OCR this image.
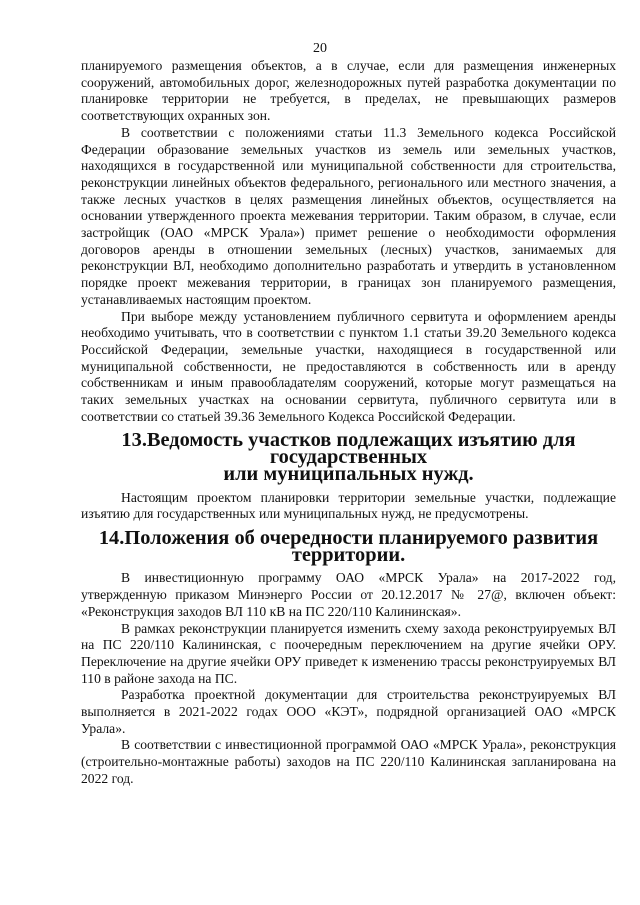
20

планируемого размещения объектов, а в случае, если для размещения инженерных сооружений, автомобильных дорог, железнодорожных путей разработка документации по планировке территории не требуется, в пределах, не превышающих размеров соответствующих охранных зон.

В соответствии с положениями статьи 11.3 Земельного кодекса Российской Федерации образование земельных участков из земель или земельных участков, находящихся в государственной или муниципальной собственности для строительства, реконструкции линейных объектов федерального, регионального или местного значения, а также лесных участков в целях размещения линейных объектов, осуществляется на основании утвержденного проекта межевания территории. Таким образом, в случае, если застройщик (ОАО «МРСК Урала») примет решение о необходимости оформления договоров аренды в отношении земельных (лесных) участков, занимаемых для реконструкции ВЛ, необходимо дополнительно разработать и утвердить в установленном порядке проект межевания территории, в границах зон планируемого размещения, устанавливаемых настоящим проектом.

При выборе между установлением публичного сервитута и оформлением аренды необходимо учитывать, что в соответствии с пунктом 1.1 статьи 39.20 Земельного кодекса Российской Федерации, земельные участки, находящиеся в государственной или муниципальной собственности, не предоставляются в собственность или в аренду собственникам и иным правообладателям сооружений, которые могут размещаться на таких земельных участках на основании сервитута, публичного сервитута или в соответствии со статьей 39.36 Земельного Кодекса Российской Федерации.

13.Ведомость участков подлежащих изъятию для государственных
или муниципальных нужд.

Настоящим проектом планировки территории земельные участки, подлежащие изъятию для государственных или муниципальных нужд, не предусмотрены.

14.Положения об очередности планируемого развития территории.

В инвестиционную программу ОАО «МРСК Урала» на 2017-2022 год, утвержденную приказом Минэнерго России от 20.12.2017 № 27@, включен объект: «Реконструкция заходов ВЛ 110 кВ на ПС 220/110 Калининская».

В рамках реконструкции планируется изменить схему захода реконструируемых ВЛ на ПС 220/110 Калининская, с поочередным переключением на другие ячейки ОРУ. Переключение на другие ячейки ОРУ приведет к изменению трассы реконструируемых ВЛ 110 в районе захода на ПС.

Разработка проектной документации для строительства реконструируемых ВЛ выполняется в 2021-2022 годах ООО «КЭТ», подрядной организацией ОАО «МРСК Урала».

В соответствии с инвестиционной программой ОАО «МРСК Урала», реконструкция (строительно-монтажные работы) заходов на ПС 220/110 Калининская запланирована на 2022 год.
